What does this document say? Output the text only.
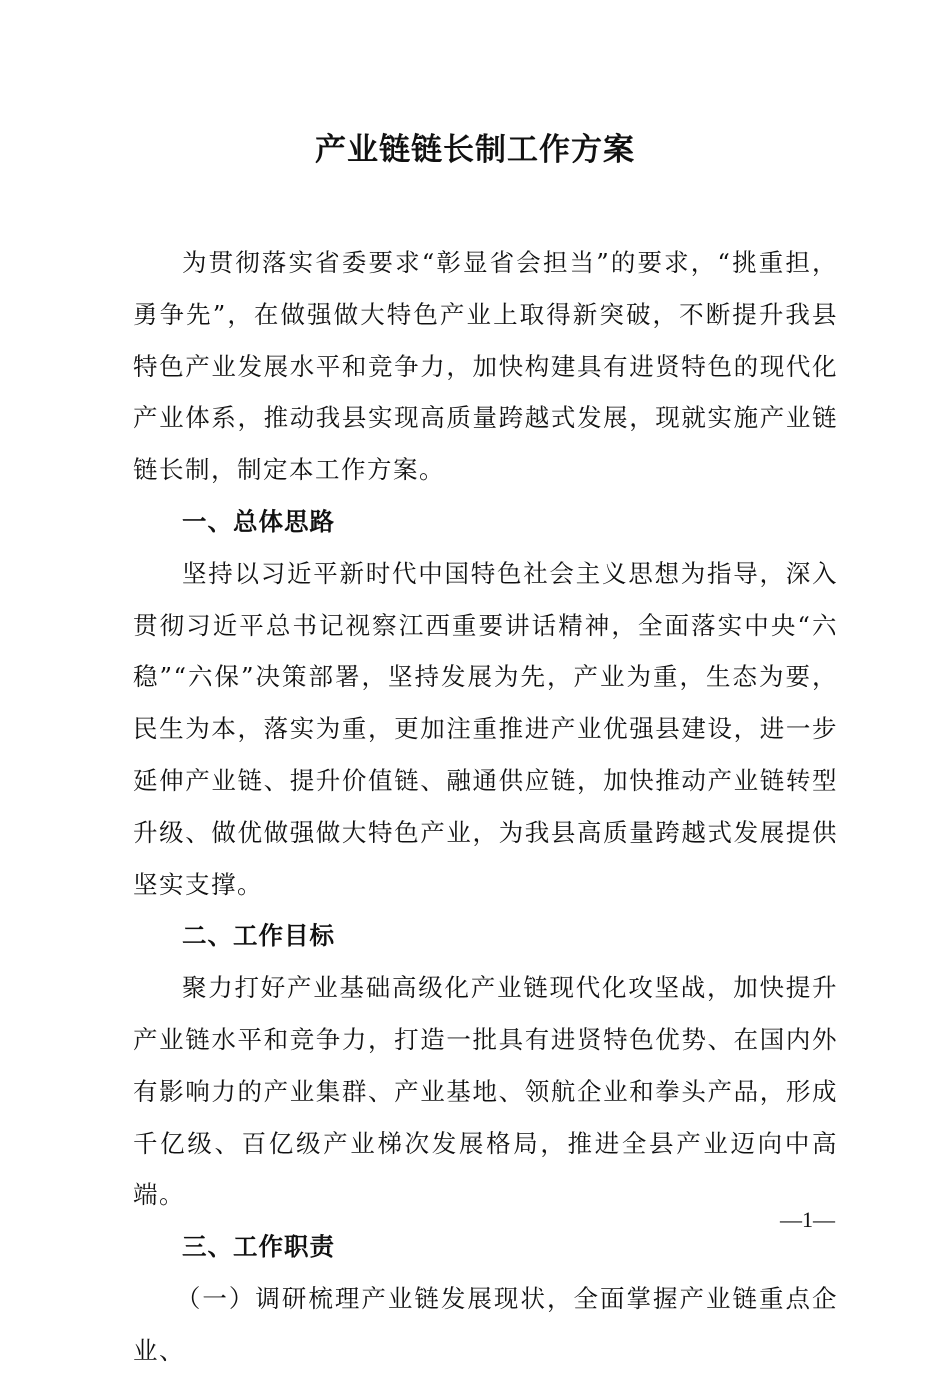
产业链链长制工作方案

为贯彻落实省委要求“彰显省会担当”的要求，“挑重担，勇争先”，在做强做大特色产业上取得新突破，不断提升我县特色产业发展水平和竞争力，加快构建具有进贤特色的现代化产业体系，推动我县实现高质量跨越式发展，现就实施产业链链长制，制定本工作方案。

一、总体思路

坚持以习近平新时代中国特色社会主义思想为指导，深入贯彻习近平总书记视察江西重要讲话精神，全面落实中央“六稳”“六保”决策部署，坚持发展为先，产业为重，生态为要，民生为本，落实为重，更加注重推进产业优强县建设，进一步延伸产业链、提升价值链、融通供应链，加快推动产业链转型升级、做优做强做大特色产业，为我县高质量跨越式发展提供坚实支撑。

二、工作目标

聚力打好产业基础高级化产业链现代化攻坚战，加快提升产业链水平和竞争力，打造一批具有进贤特色优势、在国内外有影响力的产业集群、产业基地、领航企业和拳头产品，形成千亿级、百亿级产业梯次发展格局，推进全县产业迈向中高端。

三、工作职责

（一）调研梳理产业链发展现状，全面掌握产业链重点企业、

—1—
